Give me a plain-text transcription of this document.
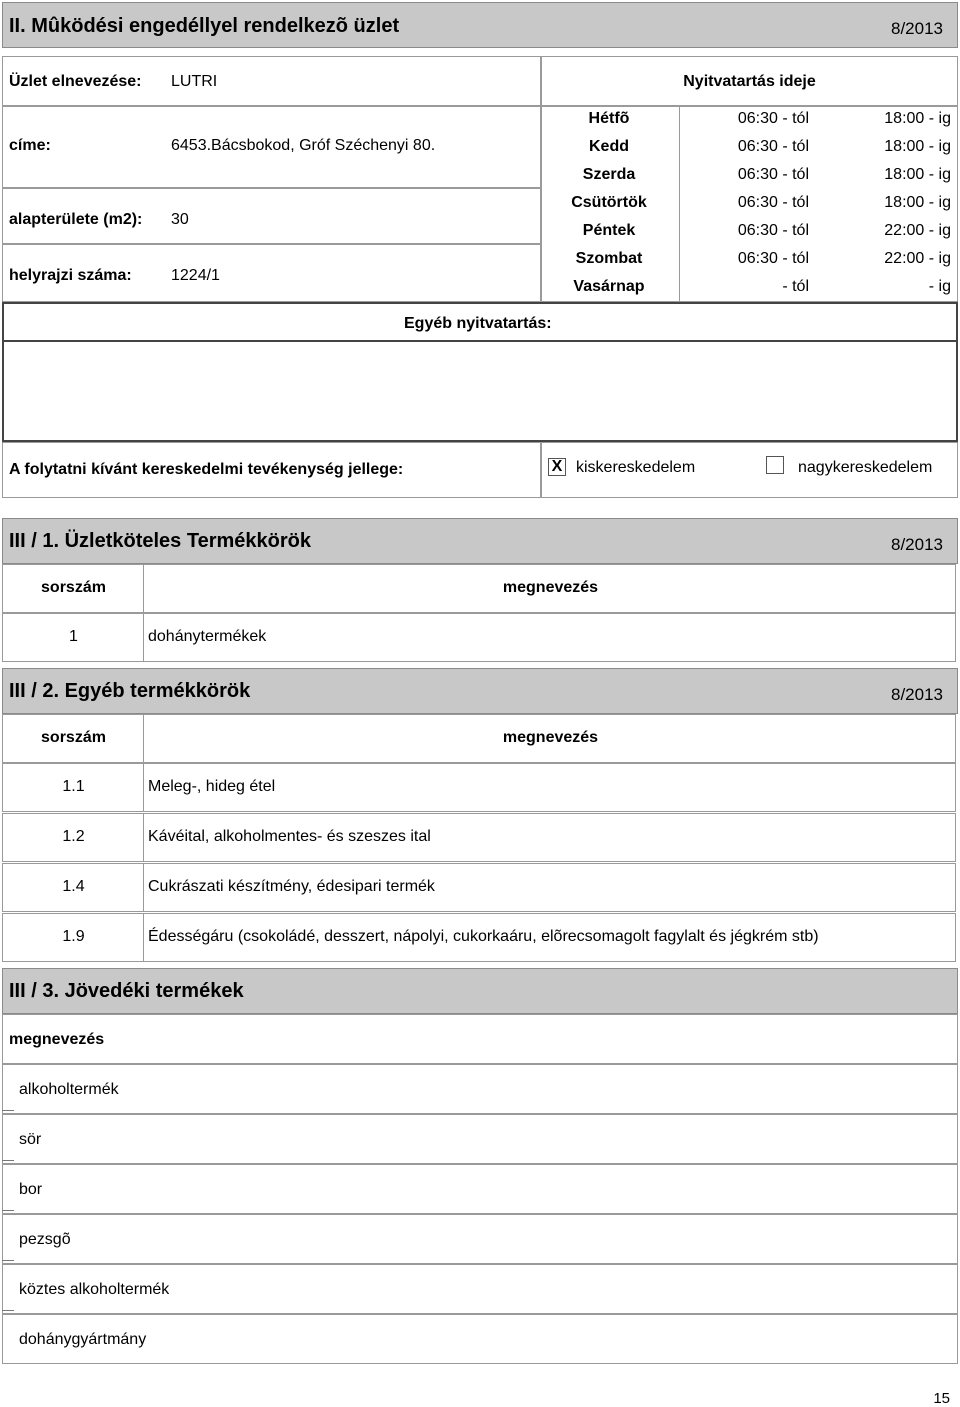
II. Mûködési engedéllyel rendelkezõ üzlet	8/2013
Üzlet elnevezése: LUTRI
címe:	6453.Bácsbokod, Gróf Széchenyi 80.
alapterülete (m2): 30
helyrajzi száma: 1224/1
Nyitvatartás ideje
Hétfõ	06:30 - tól	18:00 - ig
Kedd	06:30 - tól	18:00 - ig
Szerda	06:30 - tól	18:00 - ig
Csütörtök	06:30 - tól	18:00 - ig
Péntek	06:30 - tól	22:00 - ig
Szombat	06:30 - tól	22:00 - ig
Vasárnap	- tól	- ig
Egyéb nyitvatartás:
A folytatni kívánt kereskedelmi tevékenység jellege:	X kiskereskedelem	nagykereskedelem
III / 1. Üzletköteles Termékkörök	8/2013
sorszám	megnevezés
1	dohánytermékek
III / 2. Egyéb termékkörök	8/2013
sorszám	megnevezés
1.1	Meleg-, hideg étel
1.2	Kávéital, alkoholmentes- és szeszes ital
1.4	Cukrászati készítmény, édesipari termék
1.9	Édességáru (csokoládé, desszert, nápolyi, cukorkaáru, elõrecsomagolt fagylalt és jégkrém stb)
III / 3. Jövedéki termékek
megnevezés
alkoholtermék
sör
bor
pezsgõ
köztes alkoholtermék
dohánygyártmány
15
